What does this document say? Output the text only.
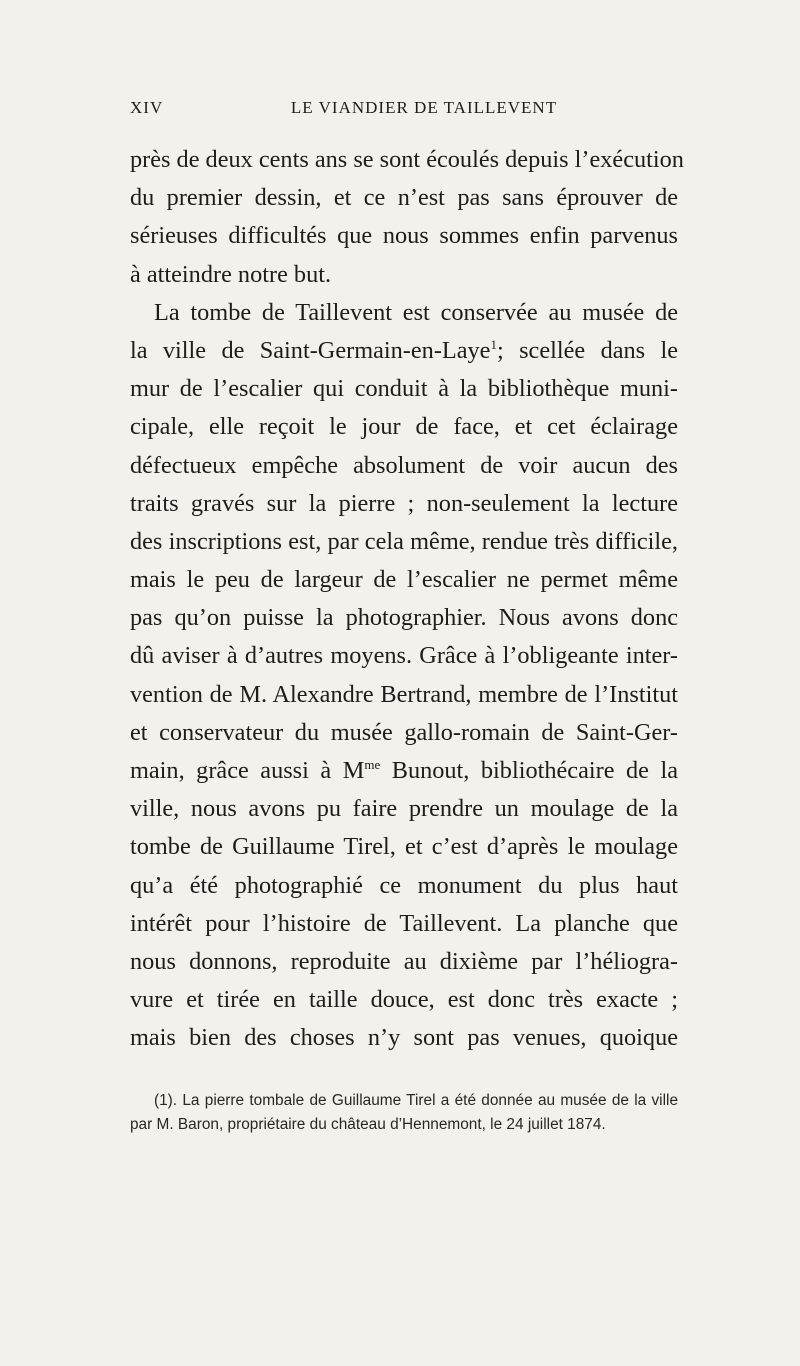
XIV	LE VIANDIER DE TAILLEVENT
près de deux cents ans se sont écoulés depuis l’exécution
du premier dessin, et ce n’est pas sans éprouver de
sérieuses difficultés que nous sommes enfin parvenus
à atteindre notre but.
La tombe de Taillevent est conservée au musée de
la ville de Saint-Germain-en-Laye$^1$; scellée dans le
mur de l’escalier qui conduit à la bibliothèque muni-
cipale, elle reçoit le jour de face, et cet éclairage
défectueux empêche absolument de voir aucun des
traits gravés sur la pierre ; non-seulement la lecture
des inscriptions est, par cela même, rendue très difficile,
mais le peu de largeur de l’escalier ne permet même
pas qu’on puisse la photographier. Nous avons donc
dû aviser à d’autres moyens. Grâce à l’obligeante inter-
vention de M. Alexandre Bertrand, membre de l’Institut
et conservateur du musée gallo-romain de Saint-Ger-
main, grâce aussi à $M^{me}$ Bunout, bibliothécaire de la
ville, nous avons pu faire prendre un moulage de la
tombe de Guillaume Tirel, et c’est d’après le moulage
qu’a été photographié ce monument du plus haut
intérêt pour l’histoire de Taillevent. La planche que
nous donnons, reproduite au dixième par l’héliogra-
vure et tirée en taille douce, est donc très exacte ;
mais bien des choses n’y sont pas venues, quoique
(1). La pierre tombale de Guillaume Tirel a été donnée au musée de la ville
par M. Baron, propriétaire du château d’Hennemont, le 24 juillet 1874.
